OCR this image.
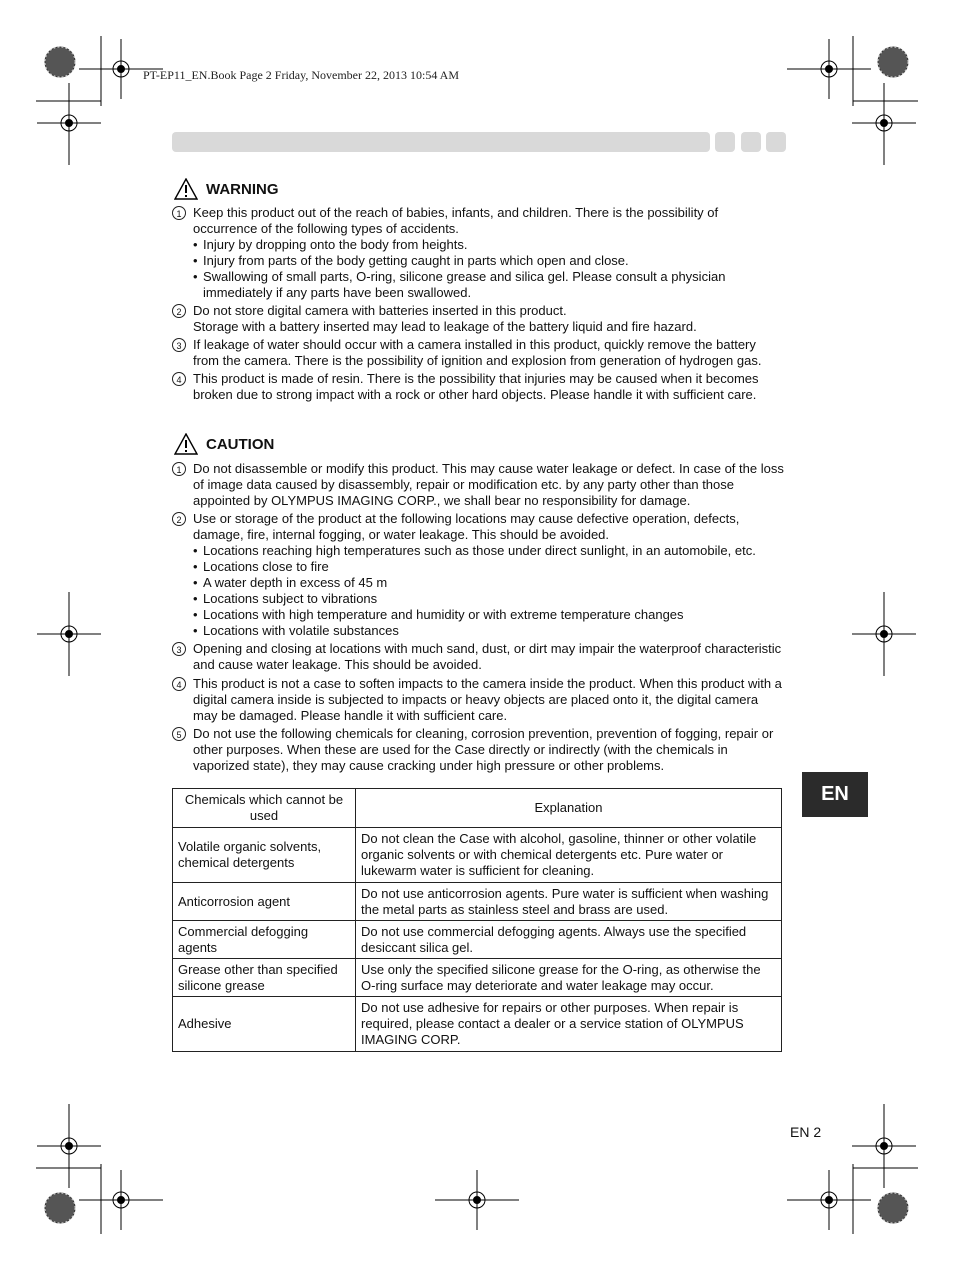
PT-EP11_EN.Book Page 2 Friday, November 22, 2013 10:54 AM
WARNING
1 Keep this product out of the reach of babies, infants, and children. There is the possibility of occurrence of the following types of accidents.
• Injury by dropping onto the body from heights.
• Injury from parts of the body getting caught in parts which open and close.
• Swallowing of small parts, O-ring, silicone grease and silica gel. Please consult a physician immediately if any parts have been swallowed.
2 Do not store digital camera with batteries inserted in this product.
Storage with a battery inserted may lead to leakage of the battery liquid and fire hazard.
3 If leakage of water should occur with a camera installed in this product, quickly remove the battery from the camera. There is the possibility of ignition and explosion from generation of hydrogen gas.
4 This product is made of resin. There is the possibility that injuries may be caused when it becomes broken due to strong impact with a rock or other hard objects. Please handle it with sufficient care.
CAUTION
1 Do not disassemble or modify this product. This may cause water leakage or defect. In case of the loss of image data caused by disassembly, repair or modification etc. by any party other than those appointed by OLYMPUS IMAGING CORP., we shall bear no responsibility for damage.
2 Use or storage of the product at the following locations may cause defective operation, defects, damage, fire, internal fogging, or water leakage. This should be avoided.
• Locations reaching high temperatures such as those under direct sunlight, in an automobile, etc.
• Locations close to fire
• A water depth in excess of 45 m
• Locations subject to vibrations
• Locations with high temperature and humidity or with extreme temperature changes
• Locations with volatile substances
3 Opening and closing at locations with much sand, dust, or dirt may impair the waterproof characteristic and cause water leakage. This should be avoided.
4 This product is not a case to soften impacts to the camera inside the product. When this product with a digital camera inside is subjected to impacts or heavy objects are placed onto it, the digital camera may be damaged. Please handle it with sufficient care.
5 Do not use the following chemicals for cleaning, corrosion prevention, prevention of fogging, repair or other purposes. When these are used for the Case directly or indirectly (with the chemicals in vaporized state), they may cause cracking under high pressure or other problems.
Chemicals which cannot be used	Explanation
Volatile organic solvents, chemical detergents	Do not clean the Case with alcohol, gasoline, thinner or other volatile organic solvents or with chemical detergents etc. Pure water or lukewarm water is sufficient for cleaning.
Anticorrosion agent	Do not use anticorrosion agents. Pure water is sufficient when washing the metal parts as stainless steel and brass are used.
Commercial defogging agents	Do not use commercial defogging agents. Always use the specified desiccant silica gel.
Grease other than specified silicone grease	Use only the specified silicone grease for the O-ring, as otherwise the O-ring surface may deteriorate and water leakage may occur.
Adhesive	Do not use adhesive for repairs or other purposes. When repair is required, please contact a dealer or a service station of OLYMPUS IMAGING CORP.
EN
EN 2
